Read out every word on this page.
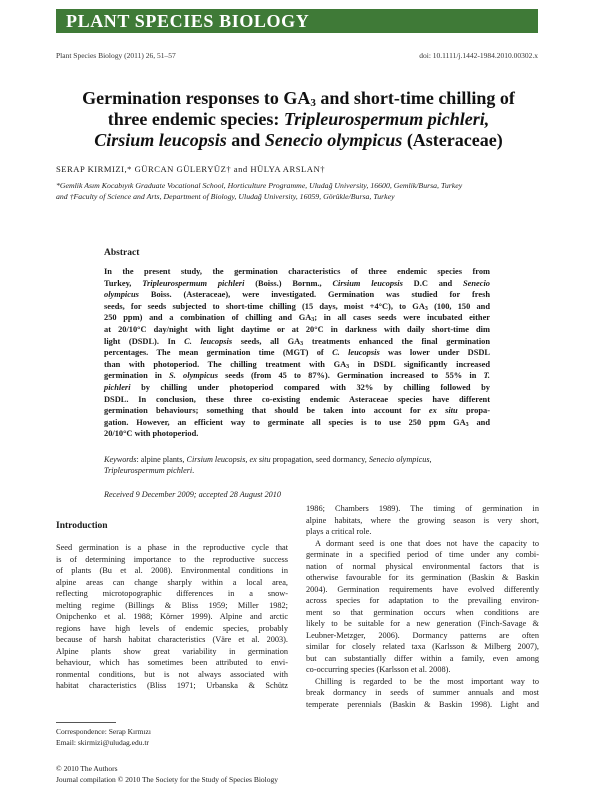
PLANT SPECIES BIOLOGY
Plant Species Biology (2011) 26, 51–57	doi: 10.1111/j.1442-1984.2010.00302.x
Germination responses to $GA_3$ and short-time chilling of
three endemic species: Tripleurospermum pichleri,
Cirsium leucopsis and Senecio olympicus (Asteraceae)
SERAP KIRMIZI,* GÜRCAN GÜLERYÜZ† and HÜLYA ARSLAN†
*Gemlik Asım Kocabıyık Graduate Vocational School, Horticulture Programme, Uludağ University, 16600, Gemlik/Bursa, Turkey
and †Faculty of Science and Arts, Department of Biology, Uludağ University, 16059, Görükle/Bursa, Turkey
Abstract
In the present study, the germination characteristics of three endemic species from
Turkey, Tripleurospermum pichleri (Boiss.) Bornm., Cirsium leucopsis D.C and Senecio
olympicus Boiss. (Asteraceae), were investigated. Germination was studied for fresh
seeds, for seeds subjected to short-time chilling (15 days, moist +4°C), to $GA_3$ (100, 150 and
250 ppm) and a combination of chilling and $GA_3$; in all cases seeds were incubated either
at 20/10°C day/night with light daytime or at 20°C in darkness with daily short-time dim
light (DSDL). In C. leucopsis seeds, all $GA_3$ treatments enhanced the final germination
percentages. The mean germination time (MGT) of C. leucopsis was lower under DSDL
than with photoperiod. The chilling treatment with $GA_3$ in DSDL significantly increased
germination in S. olympicus seeds (from 45 to 87%). Germination increased to 55% in T.
pichleri by chilling under photoperiod compared with 32% by chilling followed by
DSDL. In conclusion, these three co-existing endemic Asteraceae species have different
germination behaviours; something that should be taken into account for ex situ propa-
gation. However, an efficient way to germinate all species is to use 250 ppm $GA_3$ and
20/10°C with photoperiod.
Keywords: alpine plants, Cirsium leucopsis, ex situ propagation, seed dormancy, Senecio olympicus,
Tripleurospermum pichleri.
Received 9 December 2009; accepted 28 August 2010
Introduction
Seed germination is a phase in the reproductive cycle that
is of determining importance to the reproductive success
of plants (Bu et al. 2008). Environmental conditions in
alpine areas can change sharply within a local area,
reflecting microtopographic differences in a snow-
melting regime (Billings & Bliss 1959; Miller 1982;
Onipchenko et al. 1988; Körner 1999). Alpine and arctic
regions have high levels of endemic species, probably
because of harsh habitat characteristics (Väre et al. 2003).
Alpine plants show great variability in germination
behaviour, which has sometimes been attributed to envi-
ronmental conditions, but is not always associated with
habitat characteristics (Bliss 1971; Urbanska & Schütz
1986; Chambers 1989). The timing of germination in
alpine habitats, where the growing season is very short,
plays a critical role.
A dormant seed is one that does not have the capacity to
germinate in a specified period of time under any combi-
nation of normal physical environmental factors that is
otherwise favourable for its germination (Baskin & Baskin
2004). Germination requirements have evolved differently
across species for adaptation to the prevailing environ-
ment so that germination occurs when conditions are
likely to be suitable for a new generation (Finch-Savage &
Leubner-Metzger, 2006). Dormancy patterns are often
similar for closely related taxa (Karlsson & Milberg 2007),
but can substantially differ within a family, even among
co-occurring species (Karlsson et al. 2008).
Chilling is regarded to be the most important way to
break dormancy in seeds of summer annuals and most
temperate perennials (Baskin & Baskin 1998). Light and
Correspondence: Serap Kırmızı
Email: skirmizi@uludag.edu.tr
© 2010 The Authors
Journal compilation © 2010 The Society for the Study of Species Biology
